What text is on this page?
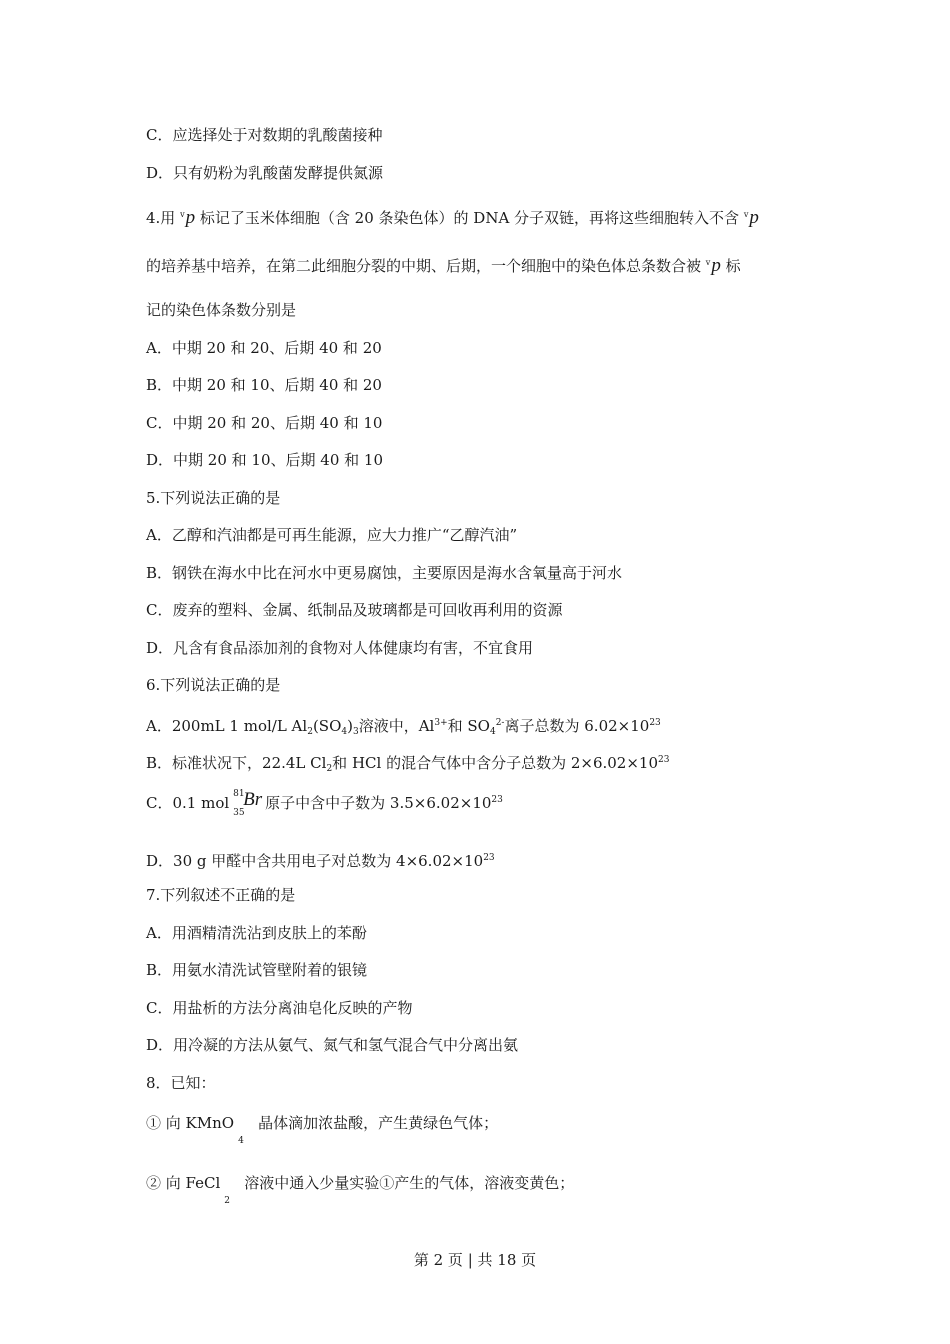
C．应选择处于对数期的乳酸菌接种
D．只有奶粉为乳酸菌发酵提供氮源
4.用 $^v$p 标记了玉米体细胞（含 20 条染色体）的 DNA 分子双链，再将这些细胞转入不含 $^v$p
的培养基中培养，在第二此细胞分裂的中期、后期，一个细胞中的染色体总条数合被 $^v$p 标
记的染色体条数分别是
A．中期 20 和 20、后期 40 和 20
B．中期 20 和 10、后期 40 和 20
C．中期 20 和 20、后期 40 和 10
D．中期 20 和 10、后期 40 和 10
5.下列说法正确的是
A．乙醇和汽油都是可再生能源，应大力推广“乙醇汽油”
B．钢铁在海水中比在河水中更易腐蚀，主要原因是海水含氧量高于河水
C．废弃的塑料、金属、纸制品及玻璃都是可回收再利用的资源
D．凡含有食品添加剂的食物对人体健康均有害，不宜食用
6.下列说法正确的是
A．200mL 1 mol/L $Al_2(SO_4)_3$溶液中，$Al^{3+}$和 $SO_4^{2-}$离子总数为 $6.02\times 10^{23}$
B．标准状况下，22.4L $Cl_2$和 HCl 的混合气体中含分子总数为 $2\times 6.02\times 10^{23}$
C．0.1 mol 81
35
Br 原子中含中子数为 $3.5\times 6.02\times 10^{23}$
D．30 g 甲醛中含共用电子对总数为 $4\times 6.02\times 10^{23}$
7.下列叙述不正确的是
A．用酒精清洗沾到皮肤上的苯酚
B．用氨水清洗试管壁附着的银镜
C．用盐析的方法分离油皂化反映的产物
D．用冷凝的方法从氨气、氮气和氢气混合气中分离出氨
8．已知：
① 向 KMnO
4
晶体滴加浓盐酸，产生黄绿色气体；
② 向 FeCl
2
溶液中通入少量实验①产生的气体，溶液变黄色；
第 2 页 | 共 18 页
